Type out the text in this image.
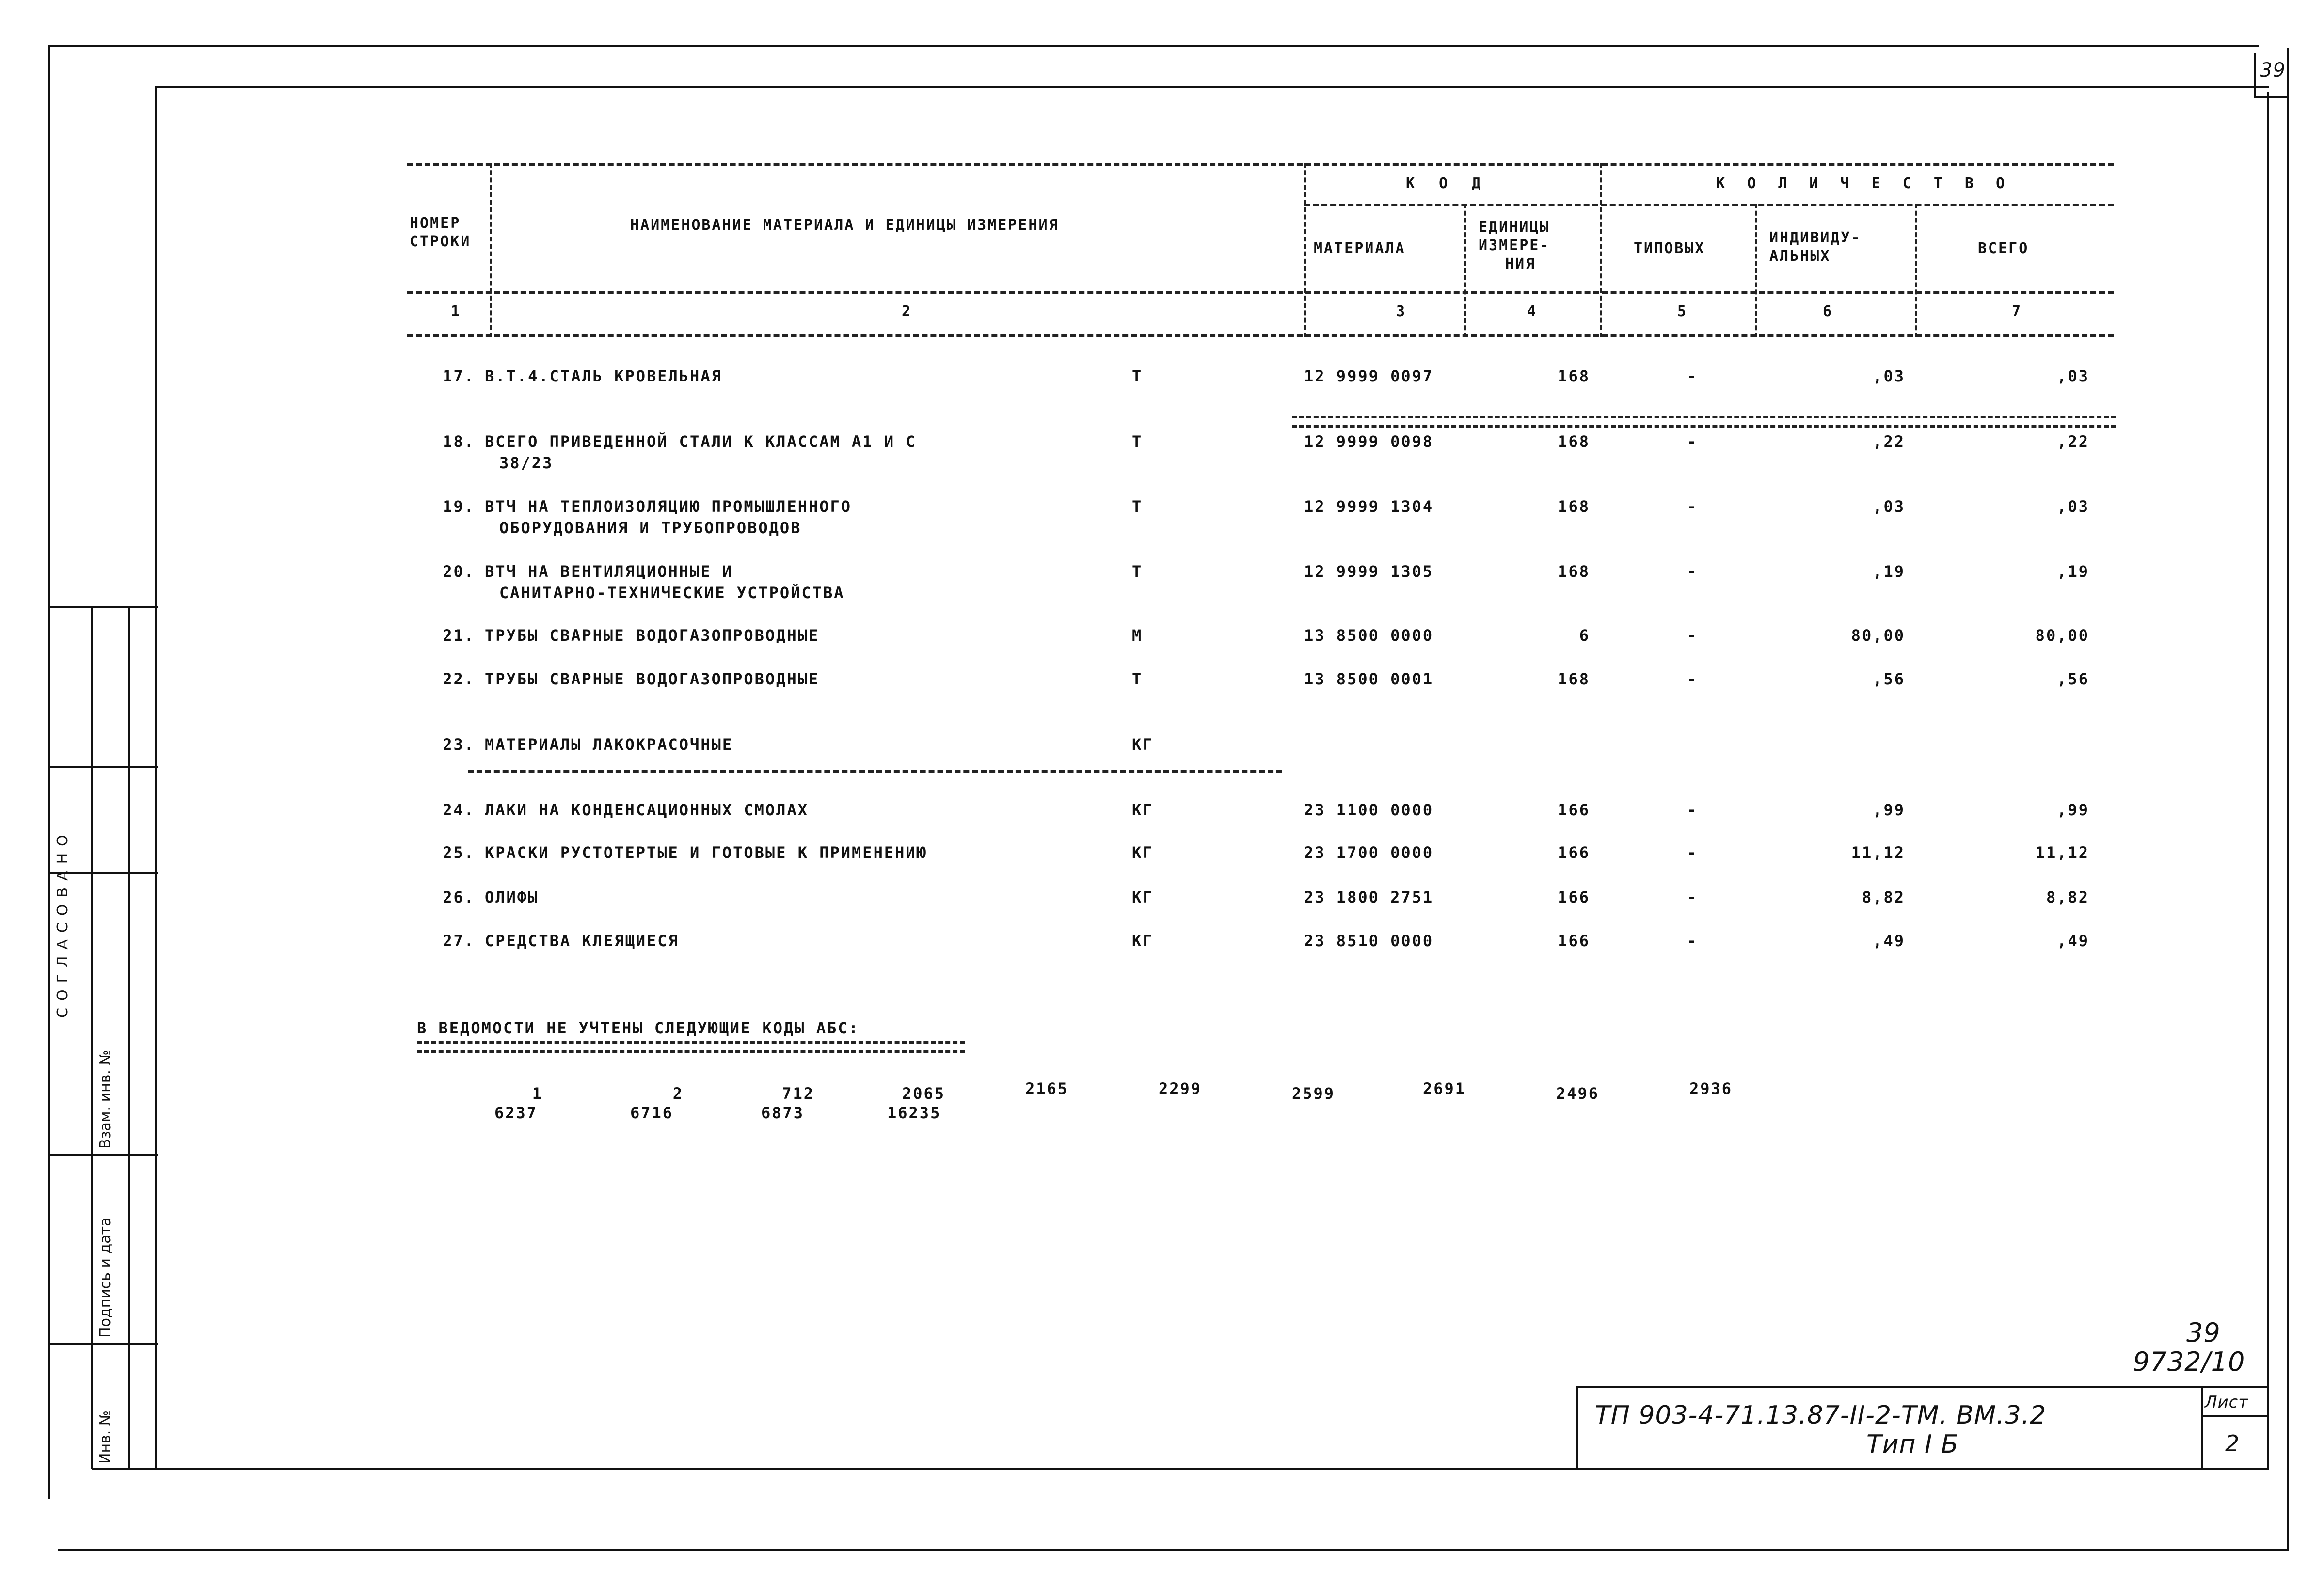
39
СОГЛАСОВАНО
Взам. инв. №
Подпись и дата
Инв. №
НОМЕР
СТРОКИ
НАИМЕНОВАНИЕ МАТЕРИАЛА И ЕДИНИЦЫ ИЗМЕРЕНИЯ
К О Д	К О Л И Ч Е С Т В О
МАТЕРИАЛА
ЕДИНИЦЫ
ИЗМЕРЕ-
НИЯ
ТИПОВЫХ
ИНДИВИДУ-
АЛЬНЫХ	ВСЕГО
1	2	3	4	5	6	7
17. В.Т.4.СТАЛЬ КРОВЕЛЬНАЯ	Т	12 9999 0097	168	-	,03	,03
18. ВСЕГО ПРИВЕДЕННОЙ СТАЛИ К КЛАССАМ А1 И С
38/23
Т	12 9999 0098	168	-	,22	,22
19. ВТЧ НА ТЕПЛОИЗОЛЯЦИЮ ПРОМЫШЛЕННОГО
ОБОРУДОВАНИЯ И ТРУБОПРОВОДОВ
Т	12 9999 1304	168	-	,03	,03
20. ВТЧ НА ВЕНТИЛЯЦИОННЫЕ И
САНИТАРНО-ТЕХНИЧЕСКИЕ УСТРОЙСТВА
Т	12 9999 1305	168	-	,19	,19
21. ТРУБЫ СВАРНЫЕ ВОДОГАЗОПРОВОДНЫЕ	М	13 8500 0000	6	-	80,00	80,00
22. ТРУБЫ СВАРНЫЕ ВОДОГАЗОПРОВОДНЫЕ	Т	13 8500 0001	168	-	,56	,56
23. МАТЕРИАЛЫ ЛАКОКРАСОЧНЫЕ	КГ
24. ЛАКИ НА КОНДЕНСАЦИОННЫХ СМОЛАХ	КГ	23 1100 0000	166	-	,99	,99
25. КРАСКИ РУСТОТЕРТЫЕ И ГОТОВЫЕ К ПРИМЕНЕНИЮ	КГ	23 1700 0000	166	-	11,12	11,12
26. ОЛИФЫ	КГ	23 1800 2751	166	-	8,82	8,82
27. СРЕДСТВА КЛЕЯЩИЕСЯ	КГ	23 8510 0000	166	-	,49	,49
В ВЕДОМОСТИ НЕ УЧТЕНЫ СЛЕДУЮЩИЕ КОДЫ АБС:
1	2	712	2065	2165	2299	2599	2691	2496	2936
6237	6716	6873	16235
39
9732/10
ТП 903-4-71.13.87-II-2-ТМ. ВМ.3.2
Тип I Б
Лист
2
